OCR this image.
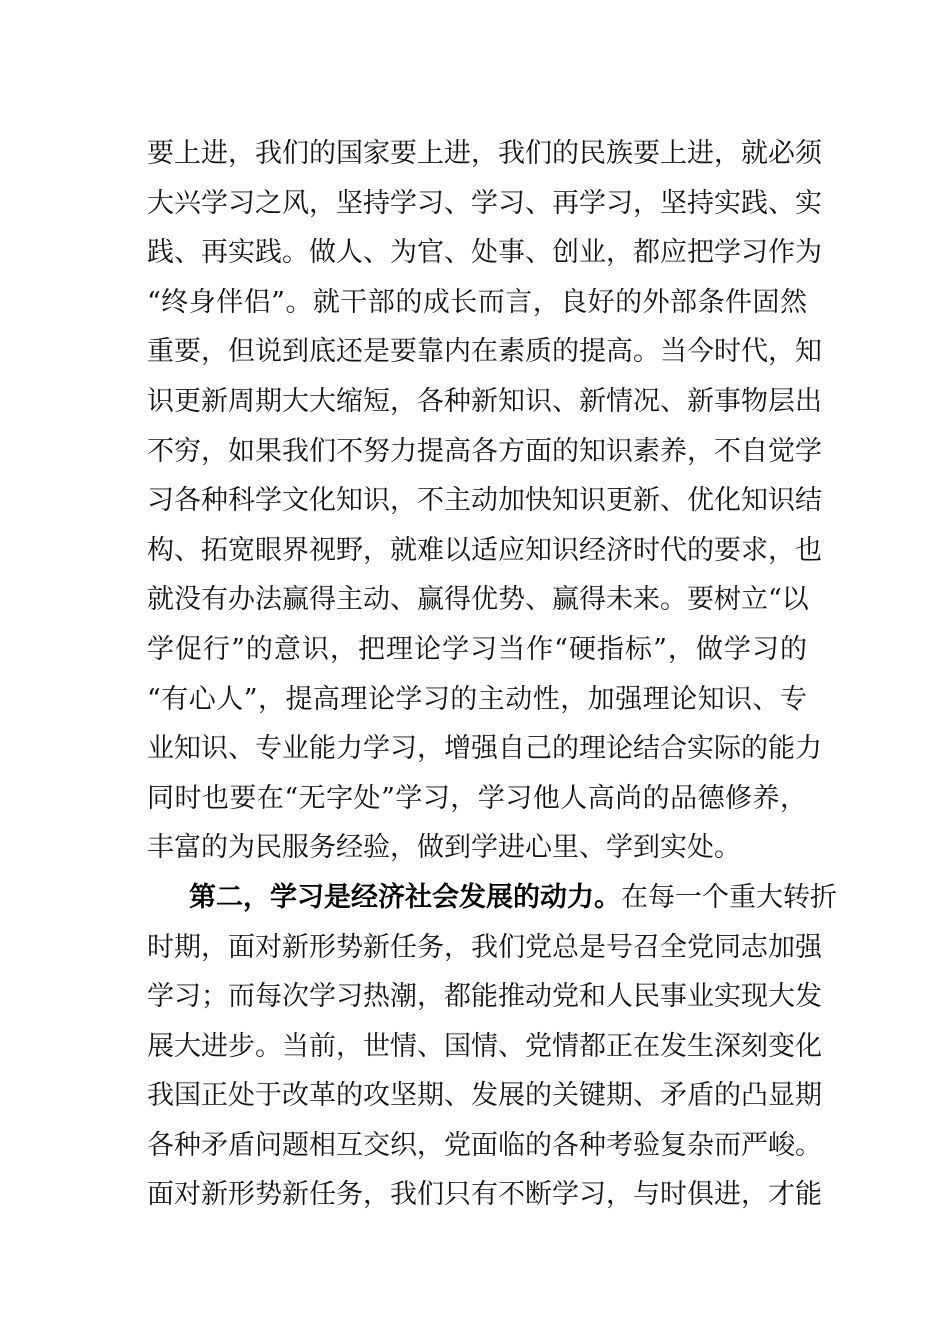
要上进，我们的国家要上进，我们的民族要上进，就必须
大兴学习之风，坚持学习、学习、再学习，坚持实践、实
践、再实践。做人、为官、处事、创业，都应把学习作为
“终身伴侣”。就干部的成长而言，良好的外部条件固然
重要，但说到底还是要靠内在素质的提高。当今时代，知
识更新周期大大缩短，各种新知识、新情况、新事物层出
不穷，如果我们不努力提高各方面的知识素养，不自觉学
习各种科学文化知识，不主动加快知识更新、优化知识结
构、拓宽眼界视野，就难以适应知识经济时代的要求，也
就没有办法赢得主动、赢得优势、赢得未来。要树立“以
学促行”的意识，把理论学习当作“硬指标”，做学习的
“有心人”，提高理论学习的主动性，加强理论知识、专
业知识、专业能力学习，增强自己的理论结合实际的能力
同时也要在“无字处”学习，学习他人高尚的品德修养，
丰富的为民服务经验，做到学进心里、学到实处。
第二，学习是经济社会发展的动力。在每一个重大转折
时期，面对新形势新任务，我们党总是号召全党同志加强
学习；而每次学习热潮，都能推动党和人民事业实现大发
展大进步。当前，世情、国情、党情都正在发生深刻变化
我国正处于改革的攻坚期、发展的关键期、矛盾的凸显期
各种矛盾问题相互交织，党面临的各种考验复杂而严峻。
面对新形势新任务，我们只有不断学习，与时俱进，才能
